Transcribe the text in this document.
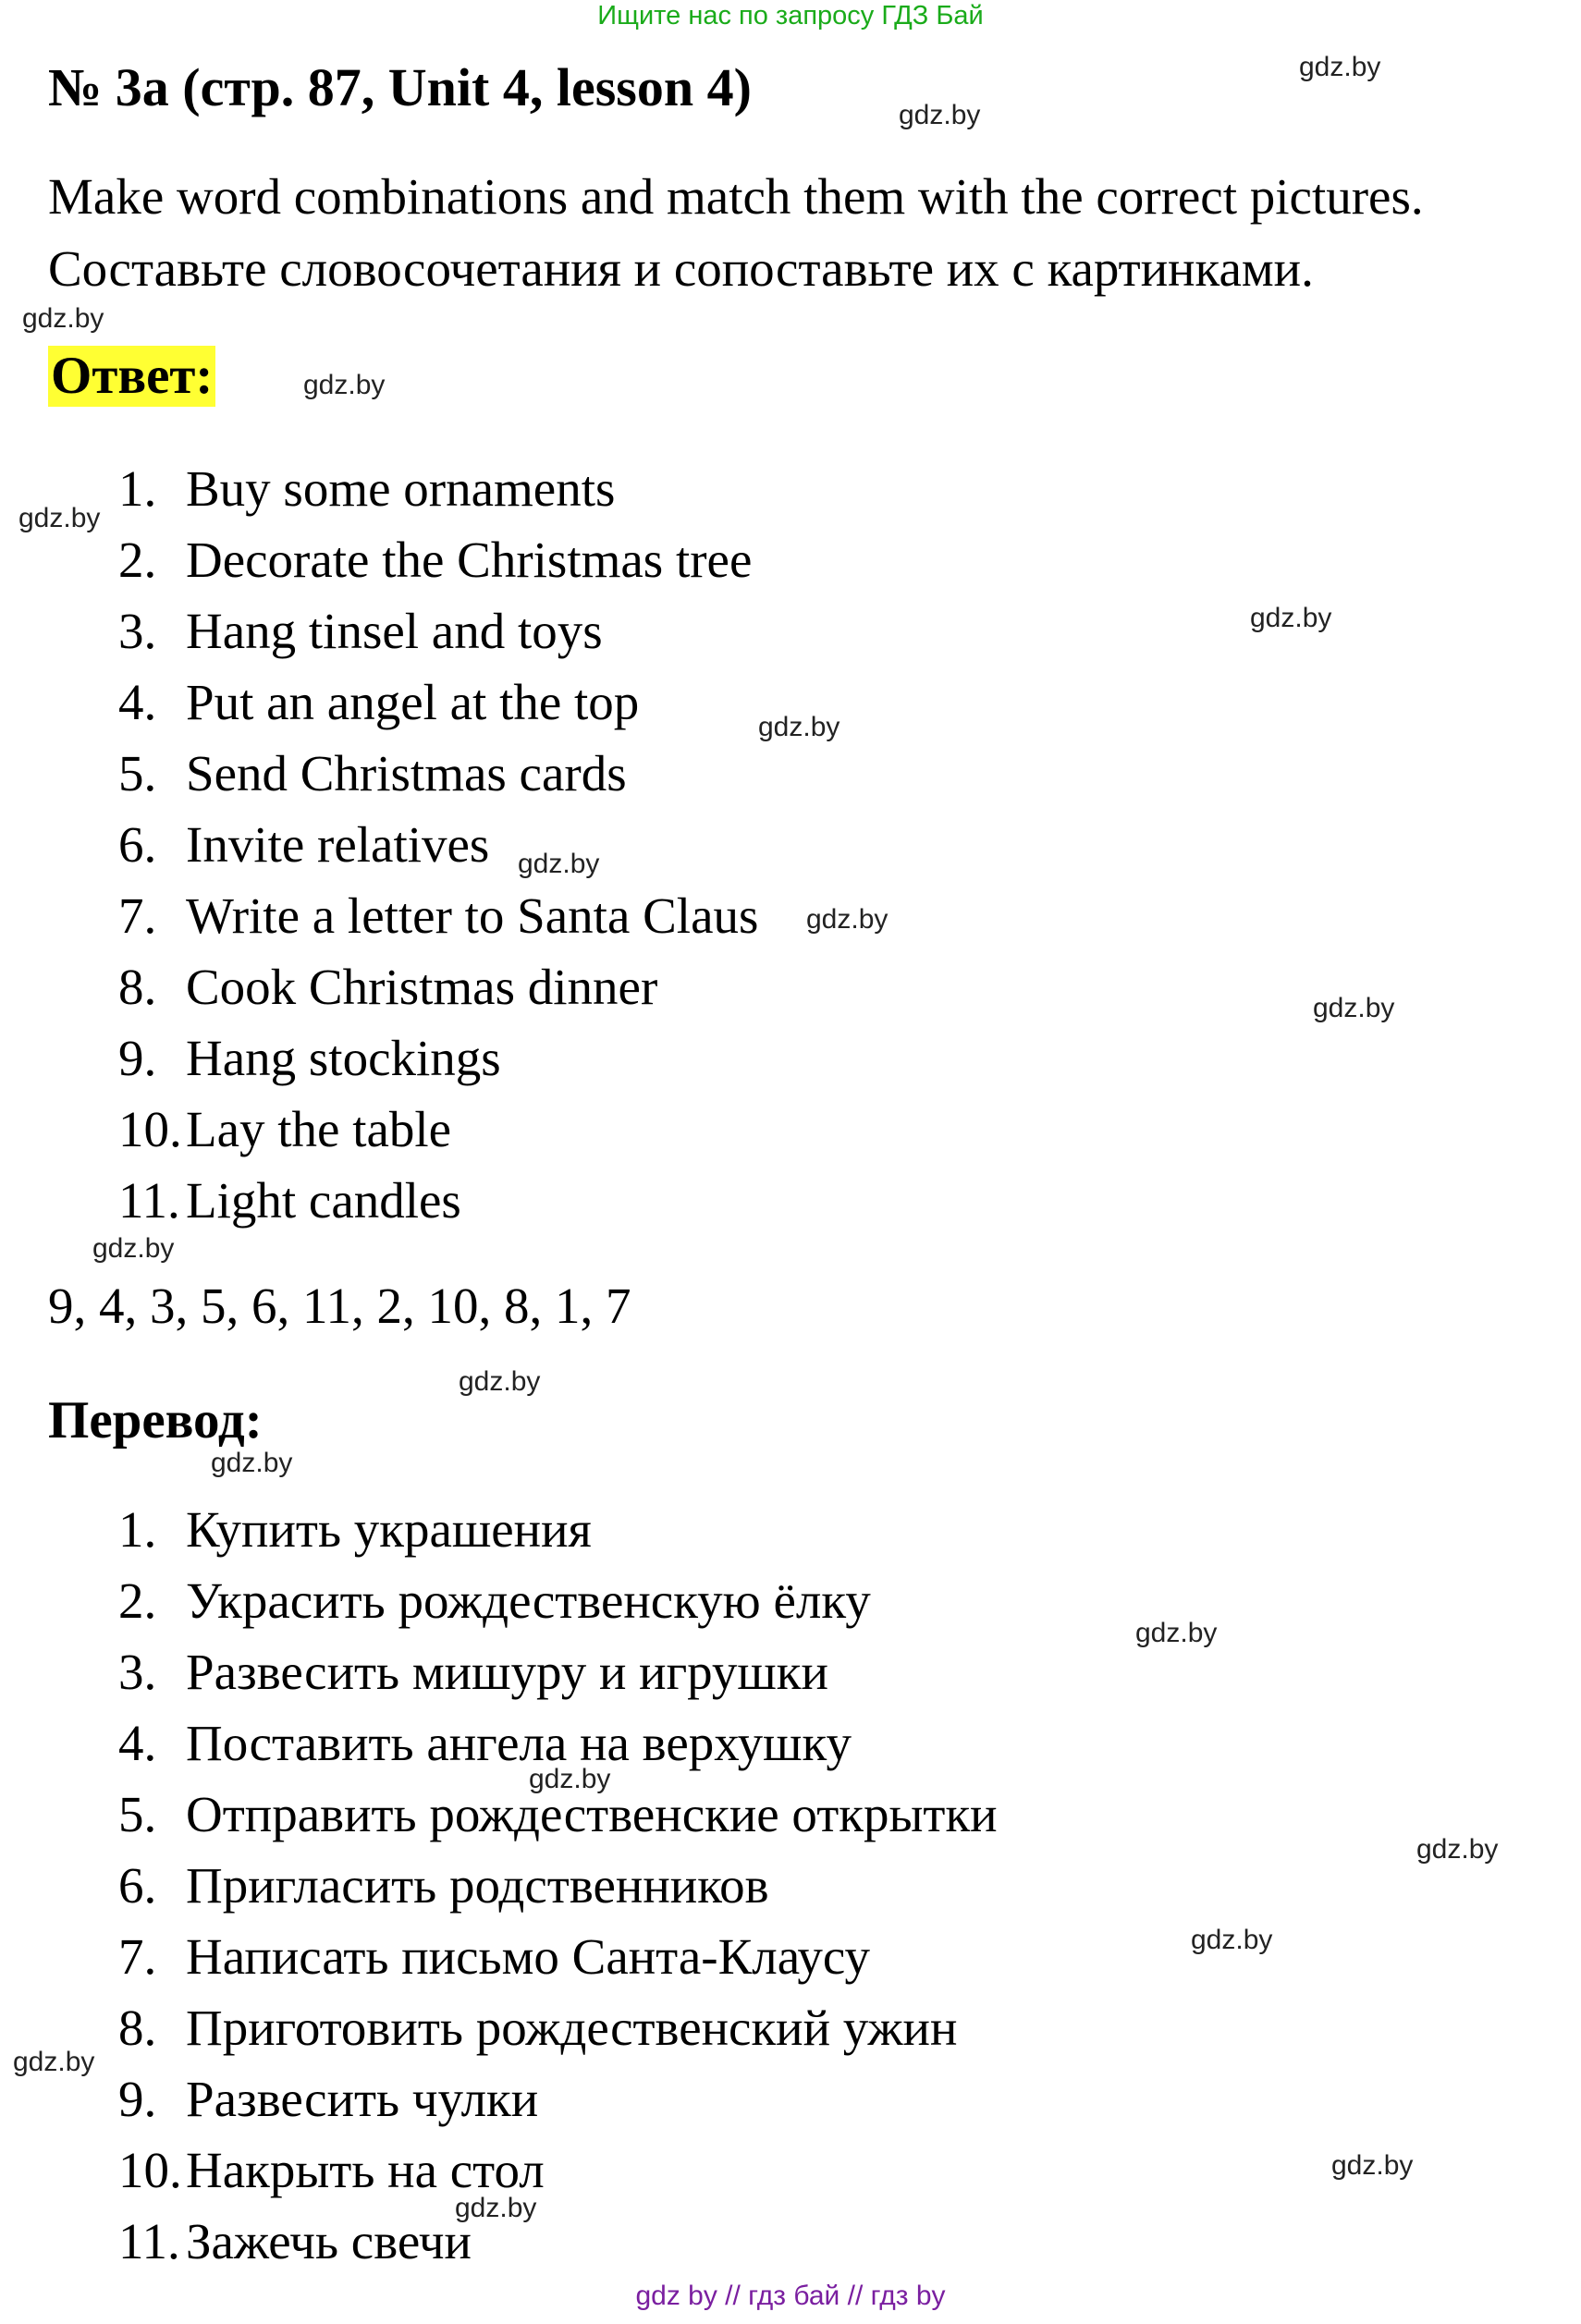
Ищите нас по запросу ГДЗ Бай
№ 3а (стр. 87, Unit 4, lesson 4)
Make word combinations and match them with the correct pictures.
Составьте словосочетания и сопоставьте их с картинками.
Ответ:
1. Buy some ornaments
2. Decorate the Christmas tree
3. Hang tinsel and toys
4. Put an angel at the top
5. Send Christmas cards
6. Invite relatives
7. Write a letter to Santa Claus
8. Cook Christmas dinner
9. Hang stockings
10.Lay the table
11. Light candles
9, 4, 3, 5, 6, 11, 2, 10, 8, 1, 7
Перевод:
1. Купить украшения
2. Украсить рождественскую ёлку
3. Развесить мишуру и игрушки
4. Поставить ангела на верхушку
5. Отправить рождественские открытки
6. Пригласить родственников
7. Написать письмо Санта-Клаусу
8. Приготовить рождественский ужин
9. Развесить чулки
10.Накрыть на стол
11. Зажечь свечи
gdz.by
gdz.by
gdz.by
gdz.by
gdz.by
gdz.by
gdz.by
gdz.by
gdz.by
gdz.by
gdz.by
gdz.by
gdz.by
gdz.by
gdz.by
gdz.by
gdz.by
gdz.by
gdz.by
gdz.by
gdz by // гдз бай // гдз by
